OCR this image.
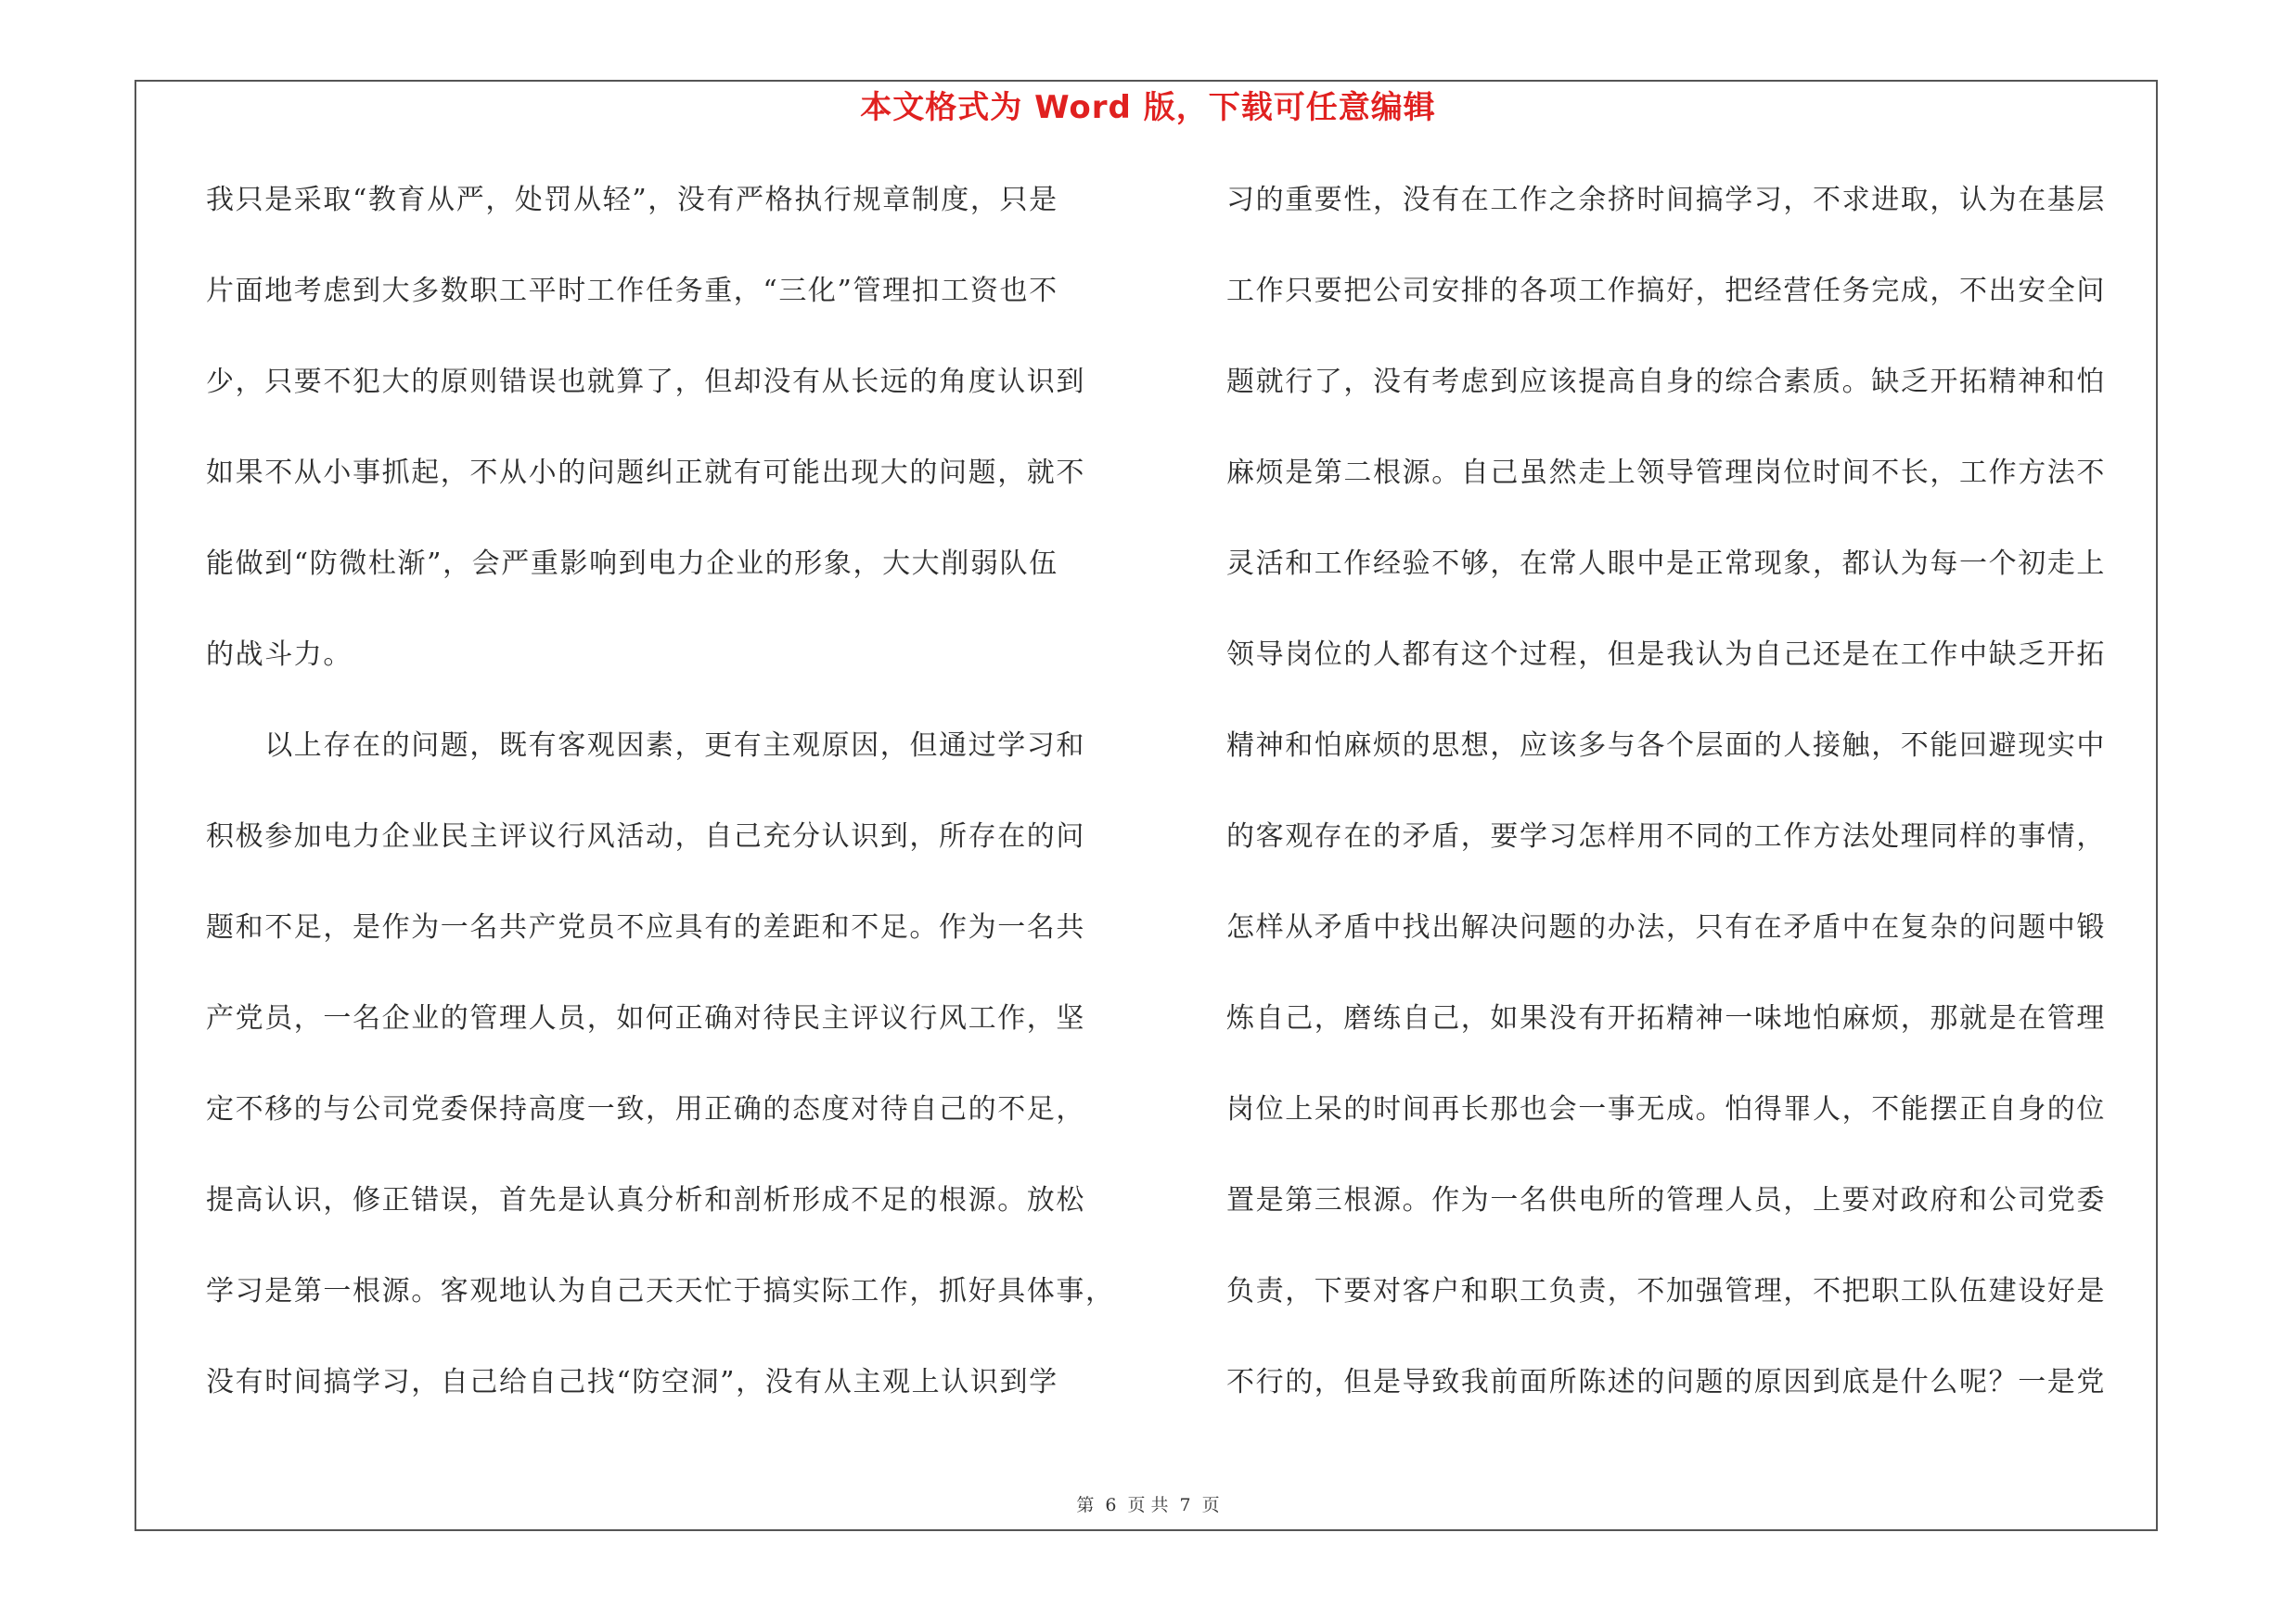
本文格式为 Word 版，下载可任意编辑
我只是采取“教育从严，处罚从轻”，没有严格执行规章制度，只是
片面地考虑到大多数职工平时工作任务重，“三化”管理扣工资也不
少，只要不犯大的原则错误也就算了，但却没有从长远的角度认识到
如果不从小事抓起，不从小的问题纠正就有可能出现大的问题，就不
能做到“防微杜渐”，会严重影响到电力企业的形象，大大削弱队伍
的战斗力。
　　以上存在的问题，既有客观因素，更有主观原因，但通过学习和
积极参加电力企业民主评议行风活动，自己充分认识到，所存在的问
题和不足，是作为一名共产党员不应具有的差距和不足。作为一名共
产党员，一名企业的管理人员，如何正确对待民主评议行风工作，坚
定不移的与公司党委保持高度一致，用正确的态度对待自己的不足，
提高认识，修正错误，首先是认真分析和剖析形成不足的根源。放松
学习是第一根源。客观地认为自己天天忙于搞实际工作，抓好具体事，
没有时间搞学习，自己给自己找“防空洞”，没有从主观上认识到学
习的重要性，没有在工作之余挤时间搞学习，不求进取，认为在基层
工作只要把公司安排的各项工作搞好，把经营任务完成，不出安全问
题就行了，没有考虑到应该提高自身的综合素质。缺乏开拓精神和怕
麻烦是第二根源。自己虽然走上领导管理岗位时间不长，工作方法不
灵活和工作经验不够，在常人眼中是正常现象，都认为每一个初走上
领导岗位的人都有这个过程，但是我认为自己还是在工作中缺乏开拓
精神和怕麻烦的思想，应该多与各个层面的人接触，不能回避现实中
的客观存在的矛盾，要学习怎样用不同的工作方法处理同样的事情，
怎样从矛盾中找出解决问题的办法，只有在矛盾中在复杂的问题中锻
炼自己，磨练自己，如果没有开拓精神一味地怕麻烦，那就是在管理
岗位上呆的时间再长那也会一事无成。怕得罪人，不能摆正自身的位
置是第三根源。作为一名供电所的管理人员，上要对政府和公司党委
负责，下要对客户和职工负责，不加强管理，不把职工队伍建设好是
不行的，但是导致我前面所陈述的问题的原因到底是什么呢？一是党
第 6 页 共 7 页
